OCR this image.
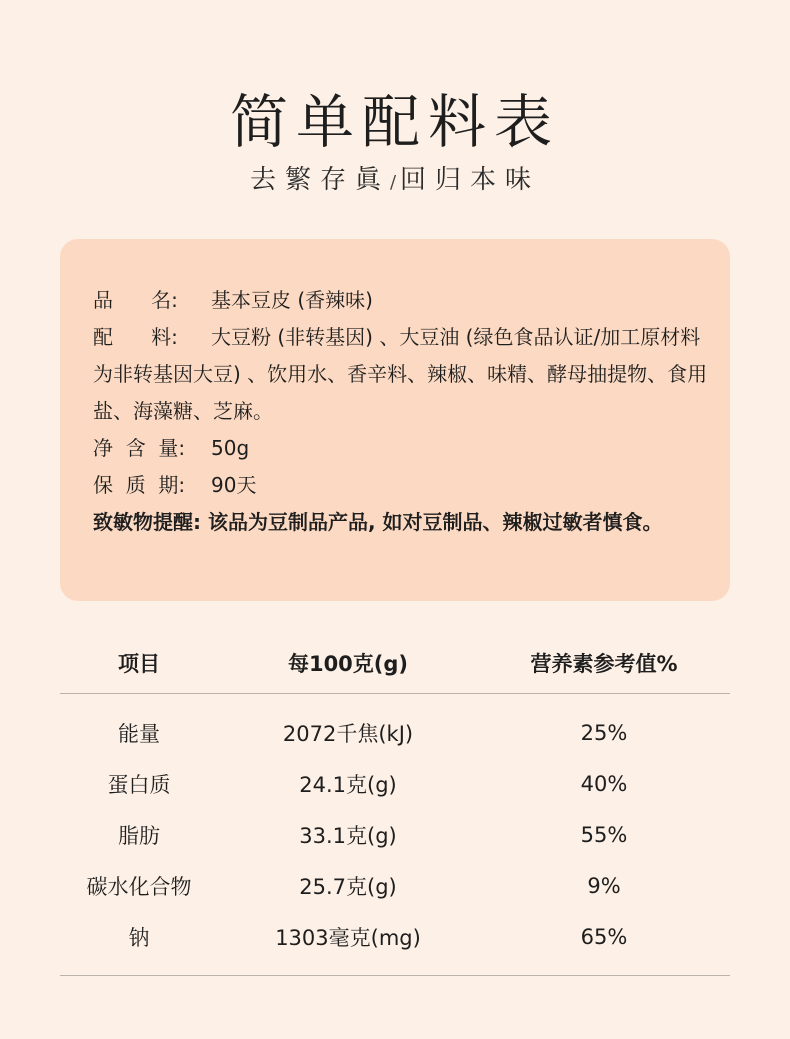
简单配料表
去繁存眞/回归本味
品      名:	基本豆皮 (香辣味)

配      料: 大豆粉 (非转基因) 、大豆油 (绿色食品认证/加工原材料为非转基因大豆) 、饮用水、香辛料、辣椒、味精、酵母抽提物、食用盐、海藻糖、芝麻。

净  含  量: 50g
保  质  期: 90天

致敏物提醒: 该品为豆制品产品, 如对豆制品、辣椒过敏者慎食。

项目	每100克(g)	营养素参考值%
能量	2072千焦(kJ)	25%
蛋白质	24.1克(g)	40%
脂肪	33.1克(g)	55%
碳水化合物	25.7克(g)	9%
钠	1303毫克(mg)	65%
